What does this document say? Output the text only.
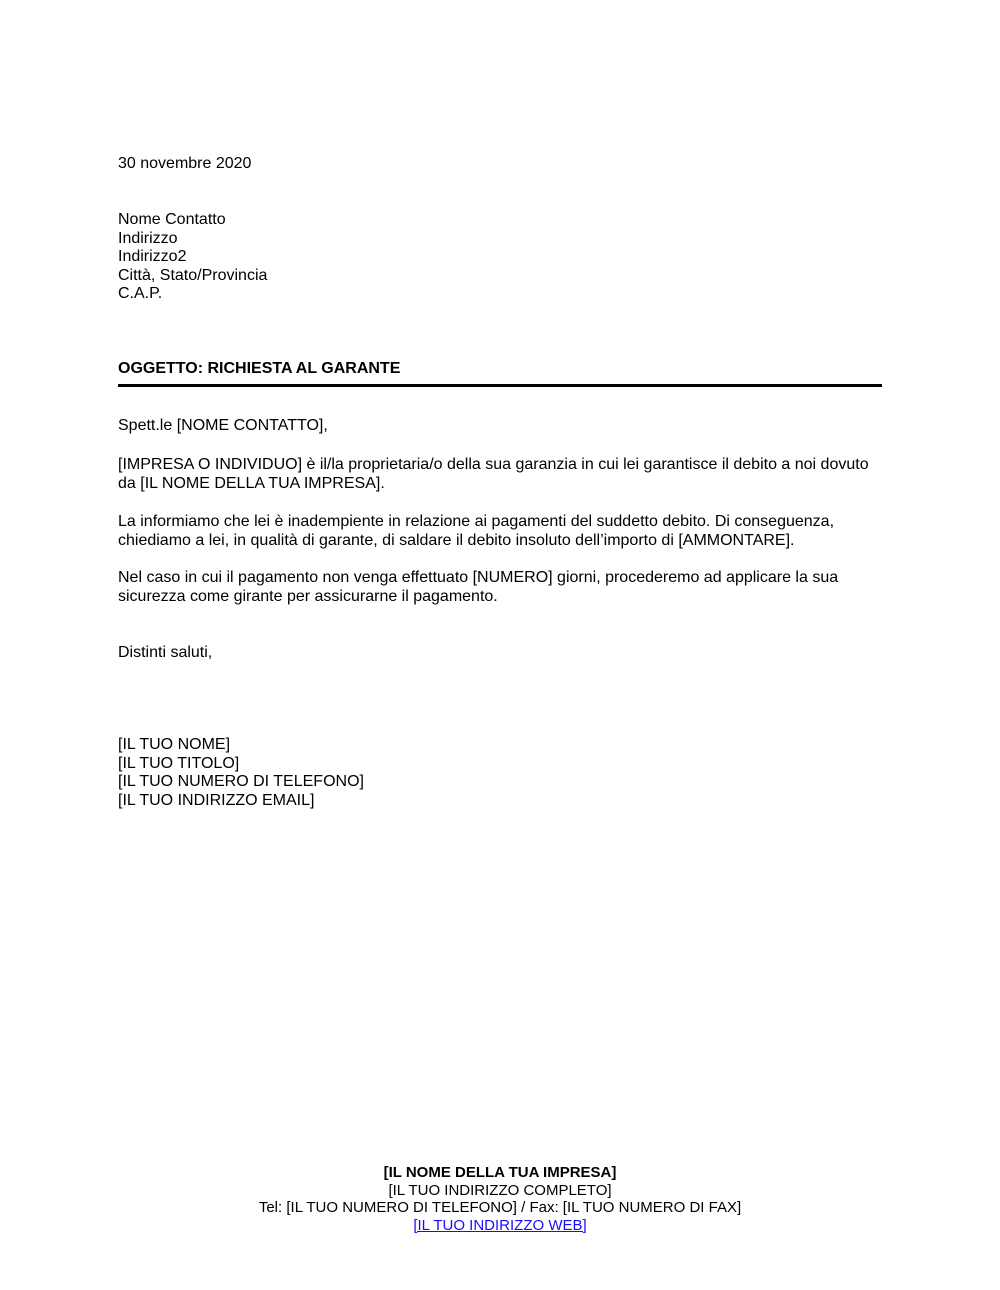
30 novembre 2020
Nome Contatto
Indirizzo
Indirizzo2
Città, Stato/Provincia
C.A.P.
OGGETTO: RICHIESTA AL GARANTE
Spett.le [NOME CONTATTO],
[IMPRESA O INDIVIDUO] è il/la proprietaria/o della sua garanzia in cui lei garantisce il debito a noi dovuto da [IL NOME DELLA TUA IMPRESA].
La informiamo che lei è inadempiente in relazione ai pagamenti del suddetto debito. Di conseguenza, chiediamo a lei, in qualità di garante, di saldare il debito insoluto dell’importo di [AMMONTARE].
Nel caso in cui il pagamento non venga effettuato [NUMERO] giorni, procederemo ad applicare la sua sicurezza come girante per assicurarne il pagamento.
Distinti saluti,
[IL TUO NOME]
[IL TUO TITOLO]
[IL TUO NUMERO DI TELEFONO]
[IL TUO INDIRIZZO EMAIL]
[IL NOME DELLA TUA IMPRESA]
[IL TUO INDIRIZZO COMPLETO]
Tel: [IL TUO NUMERO DI TELEFONO] / Fax: [IL TUO NUMERO DI FAX]
[IL TUO INDIRIZZO WEB]
